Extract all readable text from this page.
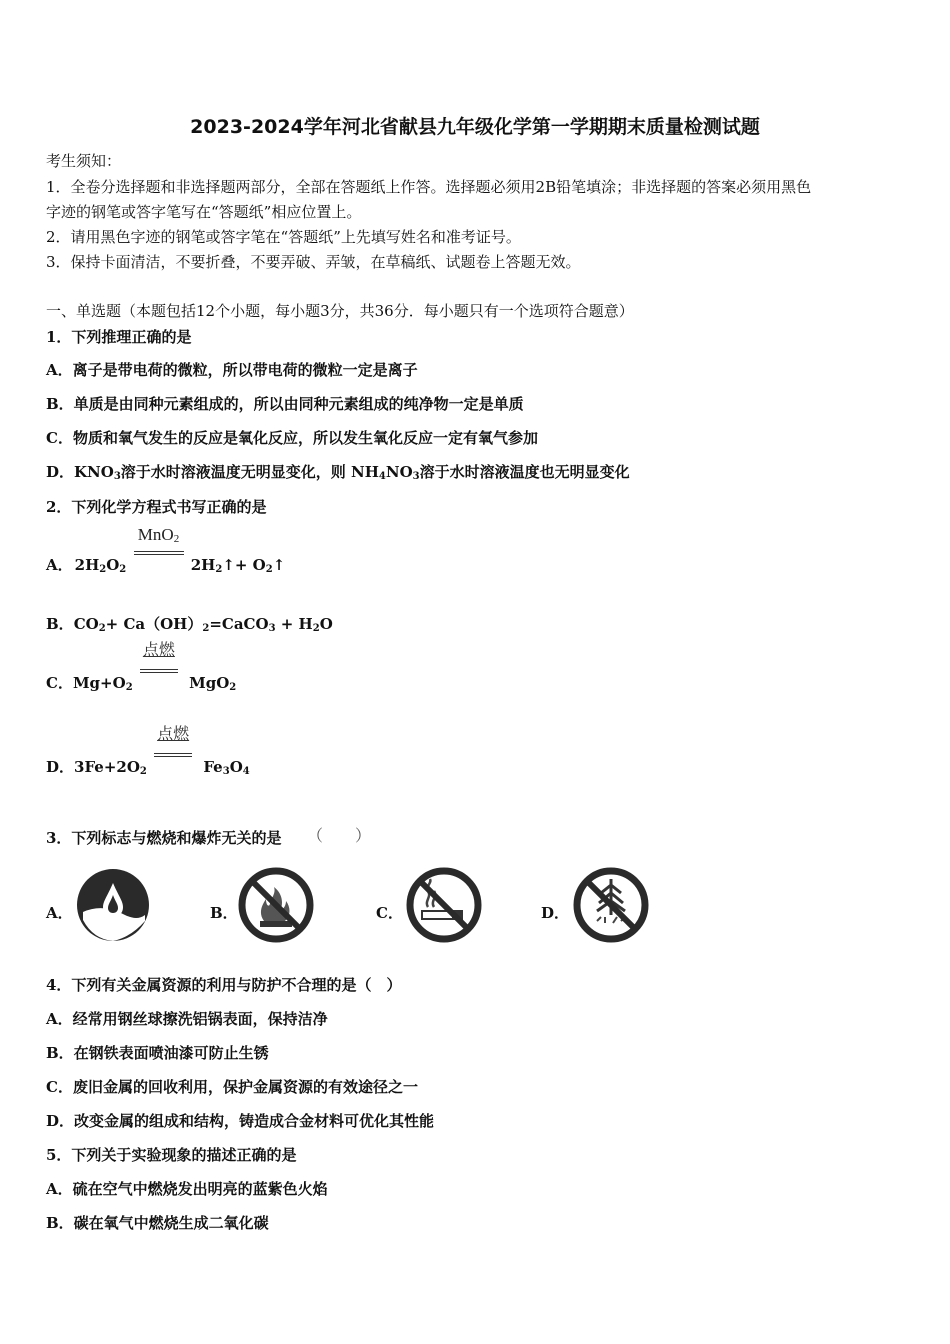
2023-2024学年河北省献县九年级化学第一学期期末质量检测试题
考生须知：
1．全卷分选择题和非选择题两部分，全部在答题纸上作答。选择题必须用2B铅笔填涂；非选择题的答案必须用黑色
字迹的钢笔或答字笔写在“答题纸”相应位置上。
2．请用黑色字迹的钢笔或答字笔在“答题纸”上先填写姓名和准考证号。
3．保持卡面清洁，不要折叠，不要弄破、弄皱，在草稿纸、试题卷上答题无效。
一、单选题（本题包括12个小题，每小题3分，共36分．每小题只有一个选项符合题意）
1．下列推理正确的是
A．离子是带电荷的微粒，所以带电荷的微粒一定是离子
B．单质是由同种元素组成的，所以由同种元素组成的纯净物一定是单质
C．物质和氧气发生的反应是氧化反应，所以发生氧化反应一定有氧气参加
D．$KNO_3$溶于水时溶液温度无明显变化，则 $NH_4NO_3$溶于水时溶液温度也无明显变化
2．下列化学方程式书写正确的是
A． $2H_2O_2$
MnO$_2$
$2H_2↑+$ $O_2↑$
B．$CO_2+$ $Ca(OH)_2=CaCO_3 + H_2O$
C．$Mg+O_2$
点燃
MgO$_2$
D．$3Fe+2O_2$
点燃
$Fe_3O_4$
3．下列标志与燃烧和爆炸无关的是 （　　）
A．	B．	C．	D．
4．下列有关金属资源的利用与防护不合理的是（　）
A．经常用钢丝球擦洗铝锅表面，保持洁净
B．在钢铁表面喷油漆可防止生锈
C．废旧金属的回收利用，保护金属资源的有效途径之一
D．改变金属的组成和结构，铸造成合金材料可优化其性能
5．下列关于实验现象的描述正确的是
A．硫在空气中燃烧发出明亮的蓝紫色火焰
B．碳在氧气中燃烧生成二氧化碳
